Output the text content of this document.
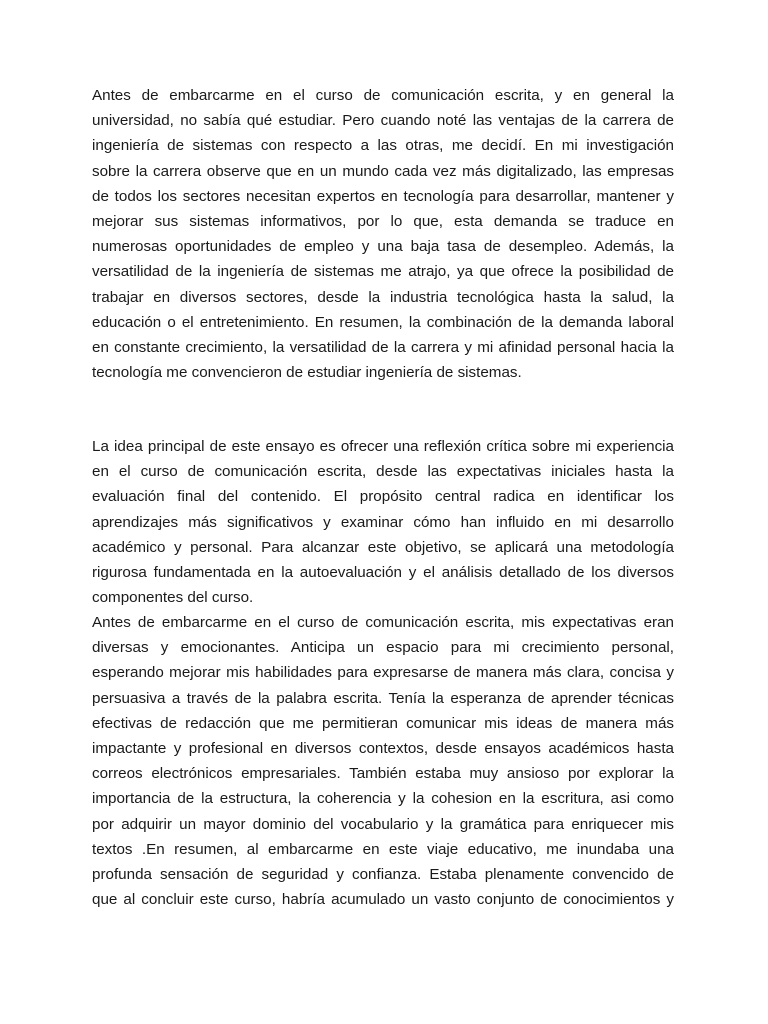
Antes de embarcarme en el curso de comunicación escrita, y en general la
universidad, no sabía qué estudiar. Pero cuando noté las ventajas de la carrera de
ingeniería de sistemas con respecto a las otras, me decidí. En mi investigación
sobre la carrera observe que en un mundo cada vez más digitalizado, las empresas
de todos los sectores necesitan expertos en tecnología para desarrollar, mantener y
mejorar sus sistemas informativos, por lo que, esta demanda se traduce en
numerosas oportunidades de empleo y una baja tasa de desempleo. Además, la
versatilidad de la ingeniería de sistemas me atrajo, ya que ofrece la posibilidad de
trabajar en diversos sectores, desde la industria tecnológica hasta la salud, la
educación o el entretenimiento. En resumen, la combinación de la demanda laboral
en constante crecimiento, la versatilidad de la carrera y mi afinidad personal hacia la
tecnología me convencieron de estudiar ingeniería de sistemas.
La idea principal de este ensayo es ofrecer una reflexión crítica sobre mi experiencia
en el curso de comunicación escrita, desde las expectativas iniciales hasta la
evaluación final del contenido. El propósito central radica en identificar los
aprendizajes más significativos y examinar cómo han influido en mi desarrollo
académico y personal. Para alcanzar este objetivo, se aplicará una metodología
rigurosa fundamentada en la autoevaluación y el análisis detallado de los diversos
componentes del curso.
Antes de embarcarme en el curso de comunicación escrita, mis expectativas eran
diversas y emocionantes. Anticipa un espacio para mi crecimiento personal,
esperando mejorar mis habilidades para expresarse de manera más clara, concisa y
persuasiva a través de la palabra escrita. Tenía la esperanza de aprender técnicas
efectivas de redacción que me permitieran comunicar mis ideas de manera más
impactante y profesional en diversos contextos, desde ensayos académicos hasta
correos electrónicos empresariales. También estaba muy ansioso por explorar la
importancia de la estructura, la coherencia y la cohesion en la escritura, asi como
por adquirir un mayor dominio del vocabulario y la gramática para enriquecer mis
textos .En resumen, al embarcarme en este viaje educativo, me inundaba una
profunda sensación de seguridad y confianza. Estaba plenamente convencido de
que al concluir este curso, habría acumulado un vasto conjunto de conocimientos y
